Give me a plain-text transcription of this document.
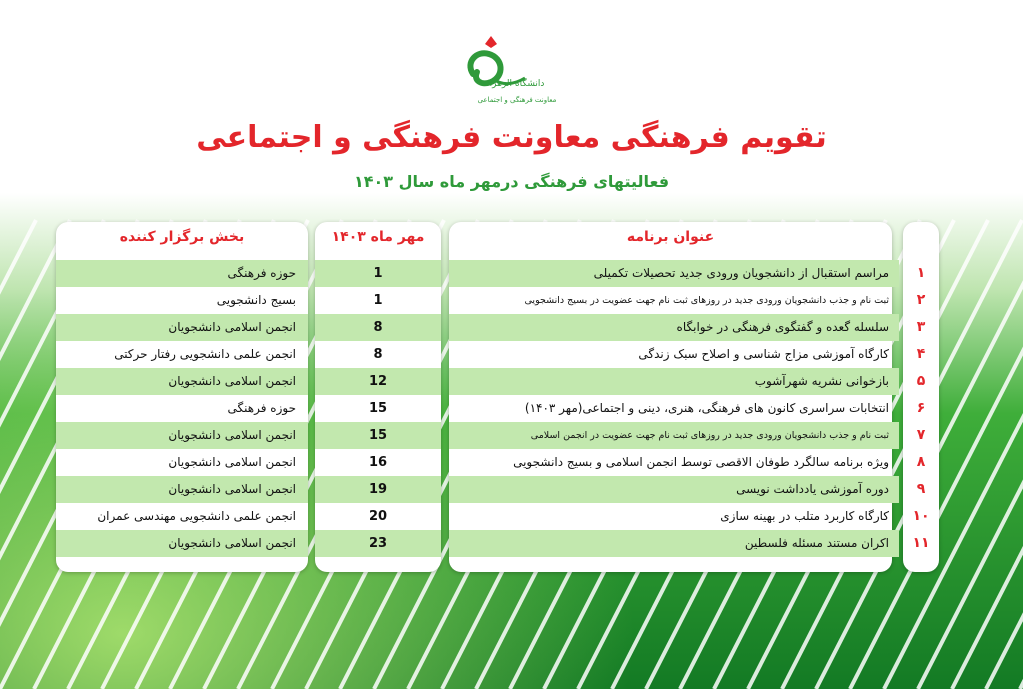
دانشگاه الزهرا
معاونت فرهنگی و اجتماعی
تقویم فرهنگی معاونت فرهنگی و اجتماعی
فعالیتهای فرهنگی درمهر ماه سال ۱۴۰۳
بخش برگزار کننده	مهر ماه ۱۴۰۳	عنوان برنامه
حوزه فرهنگی
بسیج دانشجویی
انجمن اسلامی دانشجویان
انجمن علمی دانشجویی رفتار حرکتی
انجمن اسلامی دانشجویان
حوزه فرهنگی
انجمن اسلامی دانشجویان
انجمن اسلامی دانشجویان
انجمن اسلامی دانشجویان
انجمن علمی دانشجویی مهندسی عمران
انجمن اسلامی دانشجویان
1
1
8
8
12
15
15
16
19
20
23
مراسم استقبال از دانشجویان ورودی جدید تحصیلات تکمیلی
ثبت نام و جذب دانشجویان ورودی جدید در روزهای ثبت نام جهت عضویت در بسیج دانشجویی
سلسله گعده و گفتگوی فرهنگی در خوابگاه
کارگاه آموزشی مزاج شناسی و اصلاح سبک زندگی
بازخوانی نشریه شهرآشوب
انتخابات سراسری کانون های فرهنگی، هنری، دینی و اجتماعی(مهر ۱۴۰۳)
ثبت نام و جذب دانشجویان ورودی جدید در روزهای ثبت نام جهت عضویت در انجمن اسلامی
ویژه برنامه سالگرد طوفان الاقصی توسط انجمن اسلامی و بسیج دانشجویی
دوره آموزشی یادداشت نویسی
کارگاه کاربرد متلب در بهینه سازی
اکران مستند مسئله فلسطین
۱
۲
۳
۴
۵
۶
۷
۸
۹
۱۰
۱۱
